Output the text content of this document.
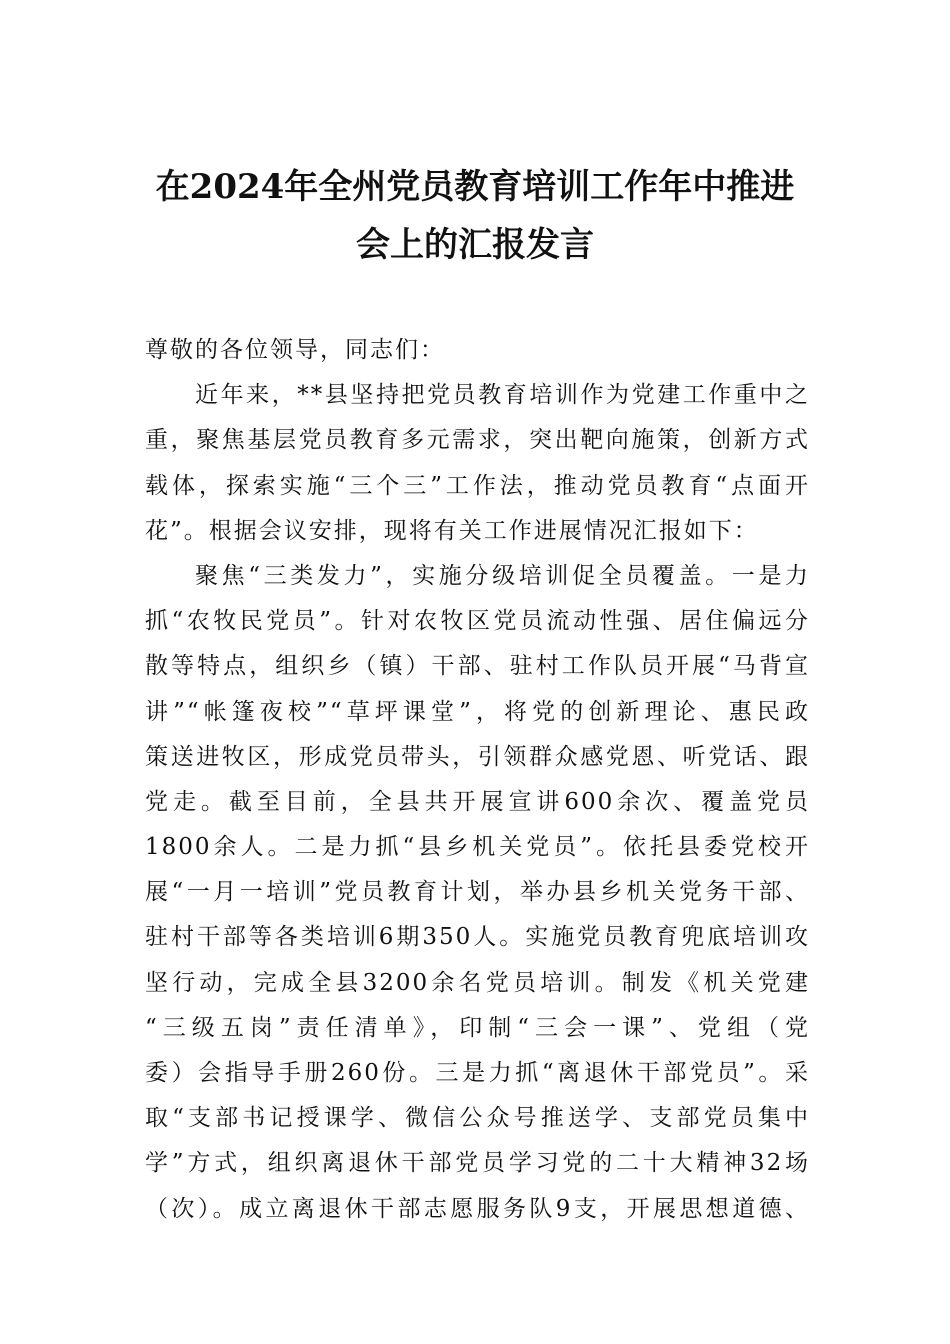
在2024年全州党员教育培训工作年中推进
会上的汇报发言

尊敬的各位领导，同志们：

近年来，**县坚持把党员教育培训作为党建工作重中之
重，聚焦基层党员教育多元需求，突出靶向施策，创新方式
载体，探索实施“三个三”工作法，推动党员教育“点面开
花”。根据会议安排，现将有关工作进展情况汇报如下：

聚焦“三类发力”，实施分级培训促全员覆盖。一是力
抓“农牧民党员”。针对农牧区党员流动性强、居住偏远分
散等特点，组织乡（镇）干部、驻村工作队员开展“马背宣
讲”“帐篷夜校”“草坪课堂”，将党的创新理论、惠民政
策送进牧区，形成党员带头，引领群众感党恩、听党话、跟
党走。截至目前，全县共开展宣讲600余次、覆盖党员
1800余人。二是力抓“县乡机关党员”。依托县委党校开
展“一月一培训”党员教育计划，举办县乡机关党务干部、
驻村干部等各类培训6期350人。实施党员教育兜底培训攻
坚行动，完成全县3200余名党员培训。制发《机关党建
“三级五岗”责任清单》，印制“三会一课”、党组（党
委）会指导手册260份。三是力抓“离退休干部党员”。采
取“支部书记授课学、微信公众号推送学、支部党员集中
学”方式，组织离退休干部党员学习党的二十大精神32场
（次）。成立离退休干部志愿服务队9支，开展思想道德、
